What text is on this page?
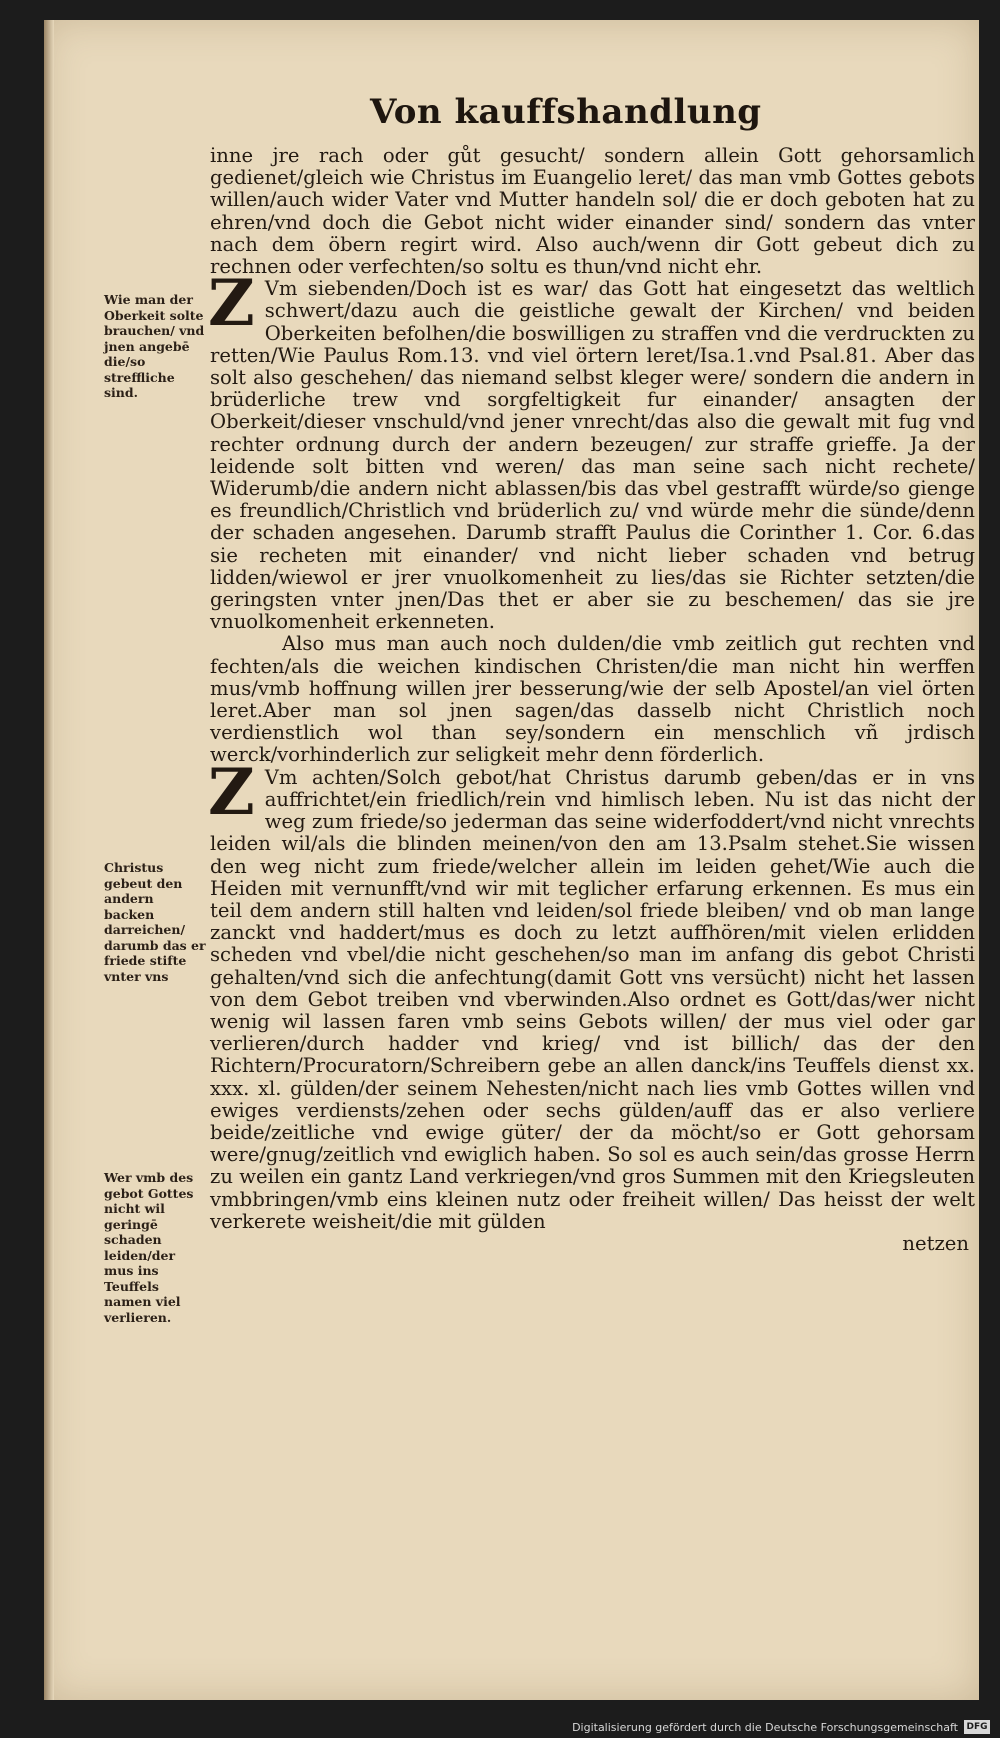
Von kauffshandlung
Wie man der Oberkeit solte brauchen/ vnd jnen angebē die/so streffliche sind.
Christus gebeut den andern backen darreichen/ darumb das er friede stifte vnter vns
Wer vmb des gebot Gottes nicht wil geringē schaden leiden/der mus ins Teuffels namen viel verlieren.

inne jre rach oder gůt gesucht/ sondern allein Gott gehorsamlich gedienet/gleich wie Christus im Euangelio leret/ das man vmb Gottes gebots willen/auch wider Vater vnd Mutter handeln sol/ die er doch geboten hat zu ehren/vnd doch die Gebot nicht wider einander sind/ sondern das vnter nach dem öbern regirt wird. Also auch/wenn dir Gott gebeut dich zu rechnen oder verfechten/so soltu es thun/vnd nicht ehr.

ZVm siebenden/Doch ist es war/ das Gott hat eingesetzt das weltlich schwert/dazu auch die geistliche gewalt der Kirchen/ vnd beiden Oberkeiten befolhen/die boswilligen zu straffen vnd die verdruckten zu retten/Wie Paulus Rom.13. vnd viel örtern leret/Isa.1.vnd Psal.81. Aber das solt also geschehen/ das niemand selbst kleger were/ sondern die andern in brüderliche trew vnd sorgfeltigkeit fur einander/ ansagten der Oberkeit/dieser vnschuld/vnd jener vnrecht/das also die gewalt mit fug vnd rechter ordnung durch der andern bezeugen/ zur straffe grieffe. Ja der leidende solt bitten vnd weren/ das man seine sach nicht rechete/ Widerumb/die andern nicht ablassen/bis das vbel gestrafft würde/so gienge es freundlich/Christlich vnd brüderlich zu/ vnd würde mehr die sünde/denn der schaden angesehen. Darumb strafft Paulus die Corinther 1. Cor. 6.das sie recheten mit einander/ vnd nicht lieber schaden vnd betrug lidden/wiewol er jrer vnuolkomenheit zu lies/das sie Richter setzten/die geringsten vnter jnen/Das thet er aber sie zu beschemen/ das sie jre vnuolkomenheit erkenneten.

Also mus man auch noch dulden/die vmb zeitlich gut rechten vnd fechten/als die weichen kindischen Christen/die man nicht hin werffen mus/vmb hoffnung willen jrer besserung/wie der selb Apostel/an viel örten leret.Aber man sol jnen sagen/das dasselb nicht Christlich noch verdienstlich wol than sey/sondern ein menschlich vñ jrdisch werck/vorhinderlich zur seligkeit mehr denn förderlich.

ZVm achten/Solch gebot/hat Christus darumb geben/das er in vns auffrichtet/ein friedlich/rein vnd himlisch leben. Nu ist das nicht der weg zum friede/so jederman das seine widerfoddert/vnd nicht vnrechts leiden wil/als die blinden meinen/von den am 13.Psalm stehet.Sie wissen den weg nicht zum friede/welcher allein im leiden gehet/Wie auch die Heiden mit vernunfft/vnd wir mit teglicher erfarung erkennen. Es mus ein teil dem andern still halten vnd leiden/sol friede bleiben/ vnd ob man lange zanckt vnd haddert/mus es doch zu letzt auffhören/mit vielen erlidden scheden vnd vbel/die nicht geschehen/so man im anfang dis gebot Christi gehalten/vnd sich die anfechtung(damit Gott vns versücht) nicht het lassen von dem Gebot treiben vnd vberwinden.Also ordnet es Gott/das/wer nicht wenig wil lassen faren vmb seins Gebots willen/ der mus viel oder gar verlieren/durch hadder vnd krieg/ vnd ist billich/ das der den Richtern/Procuratorn/Schreibern gebe an allen danck/ins Teuffels dienst xx. xxx. xl. gülden/der seinem Nehesten/nicht nach lies vmb Gottes willen vnd ewiges verdiensts/zehen oder sechs gülden/auff das er also verliere beide/zeitliche vnd ewige güter/ der da möcht/so er Gott gehorsam were/gnug/zeitlich vnd ewiglich haben. So sol es auch sein/das grosse Herrn zu weilen ein gantz Land verkriegen/vnd gros Summen mit den Kriegsleuten vmbbringen/vmb eins kleinen nutz oder freiheit willen/ Das heisst der welt verkerete weisheit/die mit gülden

netzen
Digitalisierung gefördert durch die Deutsche Forschungsgemeinschaft DFG
